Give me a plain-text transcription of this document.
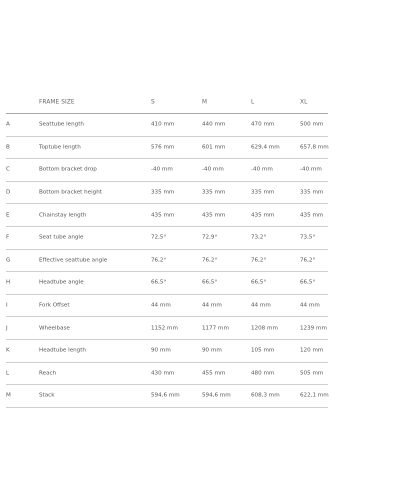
FRAME SIZE	S	M	L	XL
A	Seattube length	410 mm	440 mm	470 mm	500 mm
B	Toptube length	576 mm	601 mm	629,4 mm	657,8 mm
C	Bottom bracket drop	-40 mm	-40 mm	-40 mm	-40 mm
D	Bottom bracket height	335 mm	335 mm	335 mm	335 mm
E	Chainstay length	435 mm	435 mm	435 mm	435 mm
F	Seat tube angle	72,5°	72,9°	73,2°	73,5°
G	Effective seattube angle	76,2°	76,2°	76,2°	76,2°
H	Headtube angle	66,5°	66,5°	66,5°	66,5°
I	Fork Offset	44 mm	44 mm	44 mm	44 mm
J	Wheelbase	1152 mm	1177 mm	1208 mm	1239 mm
K	Headtube length	90 mm	90 mm	105 mm	120 mm
L	Reach	430 mm	455 mm	480 mm	505 mm
M	Stack	594,6 mm	594,6 mm	608,3 mm	622,1 mm
